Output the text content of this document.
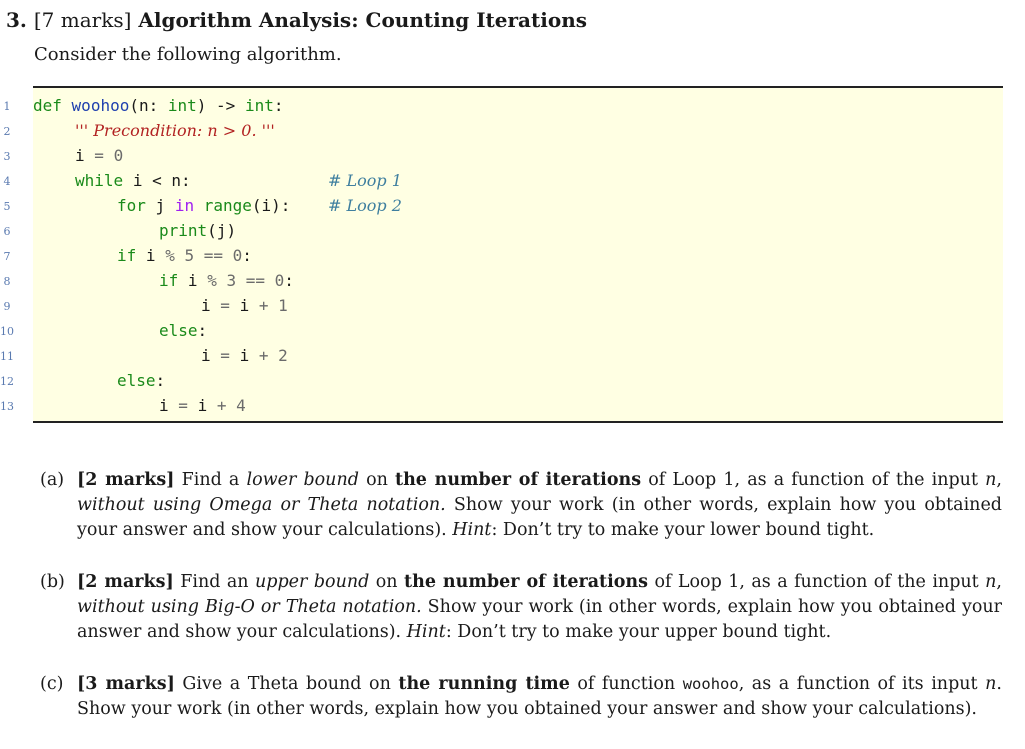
3. [7 marks] Algorithm Analysis: Counting Iterations
Consider the following algorithm.
1
2
3
4
5
6
7
8
9
10
11
12
13
def woohoo(n: int) -> int:
''' Precondition: n > 0. '''
i = 0
while i < n:	# Loop 1
for j in range(i): # Loop 2
print(j)
if i % 5 == 0:
if i % 3 == 0:
i = i + 1
else:
i = i + 2
else:
i = i + 4
(a) [2 marks] Find a lower bound on the number of iterations of Loop 1, as a function of the input n, without using Omega or Theta notation. Show your work (in other words, explain how you obtained your answer and show your calculations). Hint: Don’t try to make your lower bound tight.
(b) [2 marks] Find an upper bound on the number of iterations of Loop 1, as a function of the input n, without using Big-O or Theta notation. Show your work (in other words, explain how you obtained your answer and show your calculations). Hint: Don’t try to make your upper bound tight.
(c) [3 marks] Give a Theta bound on the running time of function woohoo, as a function of its input n. Show your work (in other words, explain how you obtained your answer and show your calculations).
